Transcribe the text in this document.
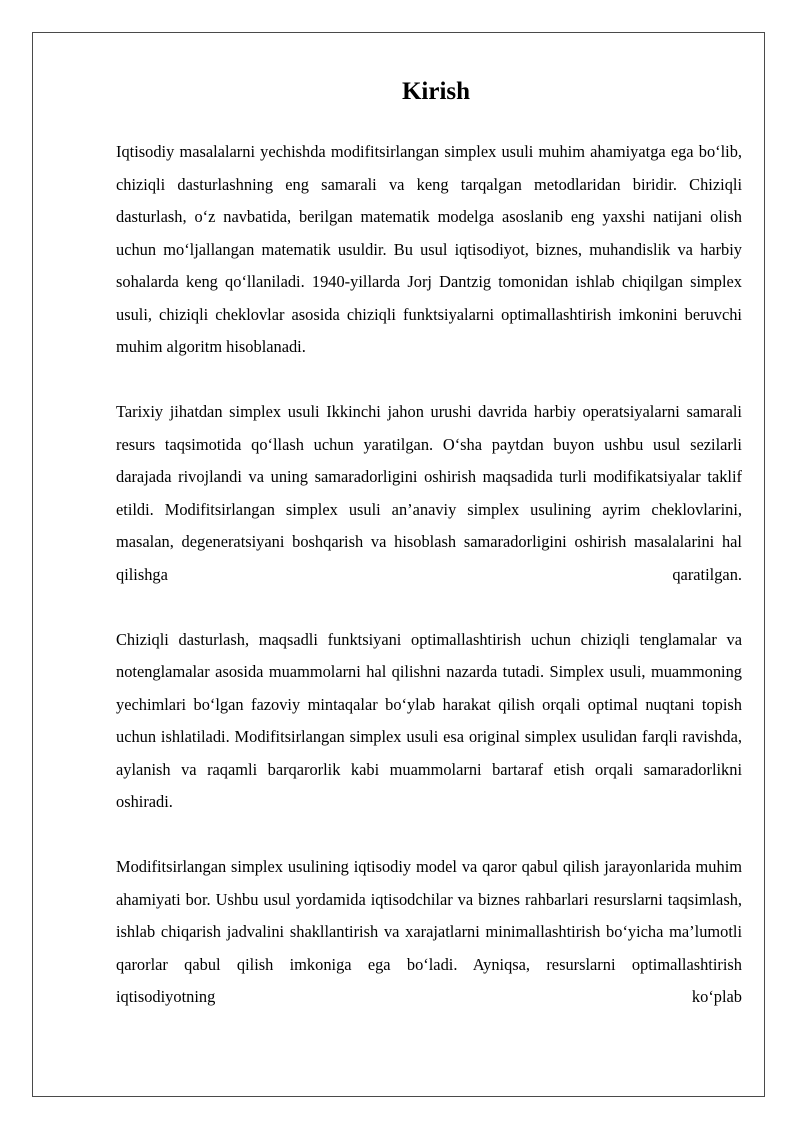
Kirish

Iqtisodiy masalalarni yechishda modifitsirlangan simplex usuli muhim ahamiyatga ega bo‘lib, chiziqli dasturlashning eng samarali va keng tarqalgan metodlaridan biridir. Chiziqli dasturlash, o‘z navbatida, berilgan matematik modelga asoslanib eng yaxshi natijani olish uchun mo‘ljallangan matematik usuldir. Bu usul iqtisodiyot, biznes, muhandislik va harbiy sohalarda keng qo‘llaniladi. 1940-yillarda Jorj Dantzig tomonidan ishlab chiqilgan simplex usuli, chiziqli cheklovlar asosida chiziqli funktsiyalarni optimallashtirish imkonini beruvchi muhim algoritm hisoblanadi.

Tarixiy jihatdan simplex usuli Ikkinchi jahon urushi davrida harbiy operatsiyalarni samarali resurs taqsimotida qo‘llash uchun yaratilgan. O‘sha paytdan buyon ushbu usul sezilarli darajada rivojlandi va uning samaradorligini oshirish maqsadida turli modifikatsiyalar taklif etildi. Modifitsirlangan simplex usuli an’anaviy simplex usulining ayrim cheklovlarini, masalan, degeneratsiyani boshqarish va hisoblash samaradorligini oshirish masalalarini hal qilishga qaratilgan.

Chiziqli dasturlash, maqsadli funktsiyani optimallashtirish uchun chiziqli tenglamalar va notenglamalar asosida muammolarni hal qilishni nazarda tutadi. Simplex usuli, muammoning yechimlari bo‘lgan fazoviy mintaqalar bo‘ylab harakat qilish orqali optimal nuqtani topish uchun ishlatiladi. Modifitsirlangan simplex usuli esa original simplex usulidan farqli ravishda, aylanish va raqamli barqarorlik kabi muammolarni bartaraf etish orqali samaradorlikni oshiradi.

Modifitsirlangan simplex usulining iqtisodiy model va qaror qabul qilish jarayonlarida muhim ahamiyati bor. Ushbu usul yordamida iqtisodchilar va biznes rahbarlari resurslarni taqsimlash, ishlab chiqarish jadvalini shakllantirish va xarajatlarni minimallashtirish bo‘yicha ma’lumotli qarorlar qabul qilish imkoniga ega bo‘ladi. Ayniqsa, resurslarni optimallashtirish iqtisodiyotning ko‘plab
